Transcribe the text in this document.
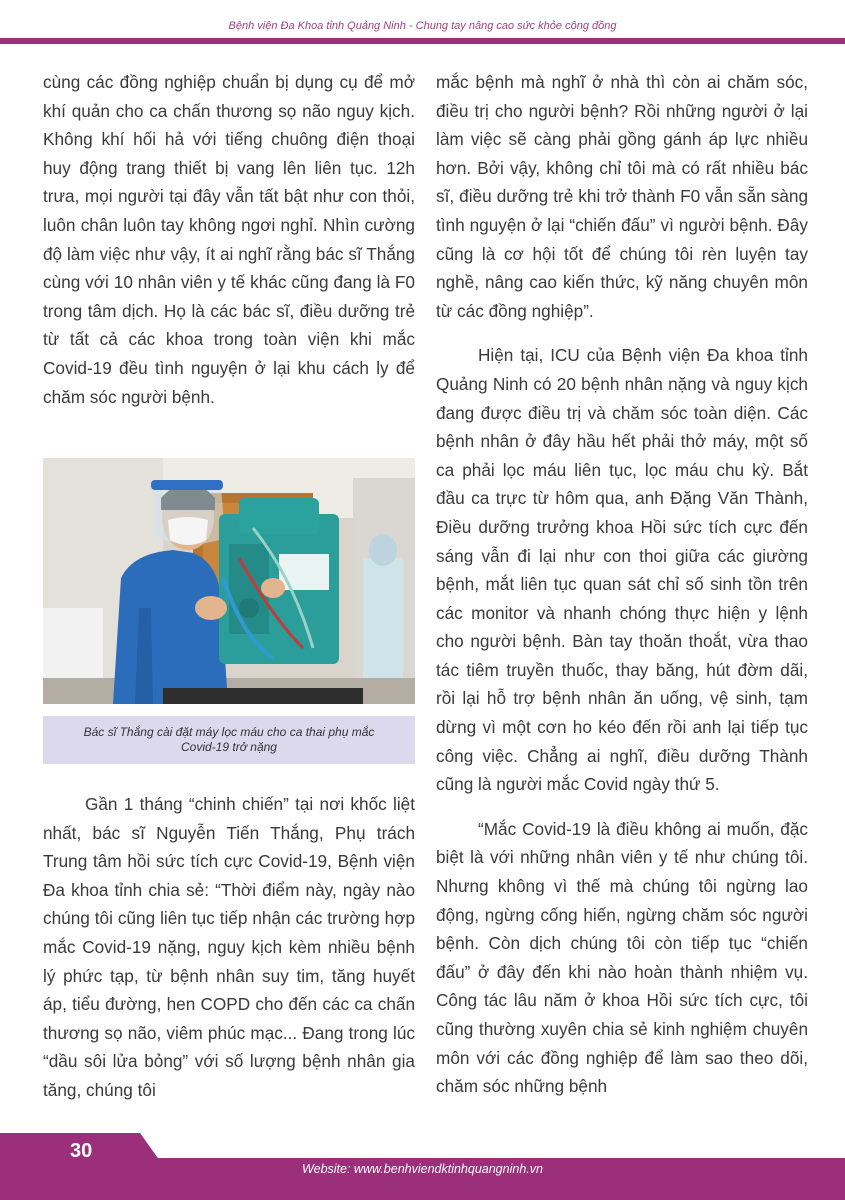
Bệnh viện Đa Khoa tỉnh Quảng Ninh - Chung tay nâng cao sức khỏe cộng đồng

cùng các đồng nghiệp chuẩn bị dụng cụ để mở khí quản cho ca chấn thương sọ não nguy kịch. Không khí hối hả với tiếng chuông điện thoại huy động trang thiết bị vang lên liên tục. 12h trưa, mọi người tại đây vẫn tất bật như con thỏi, luôn chân luôn tay không ngơi nghỉ. Nhìn cường độ làm việc như vậy, ít ai nghĩ rằng bác sĩ Thắng cùng với 10 nhân viên y tế khác cũng đang là F0 trong tâm dịch. Họ là các bác sĩ, điều dưỡng trẻ từ tất cả các khoa trong toàn viện khi mắc Covid-19 đều tình nguyện ở lại khu cách ly để chăm sóc người bệnh.

Bác sĩ Thắng cài đặt máy lọc máu cho ca thai phụ mắc Covid-19 trở nặng

Gần 1 tháng “chinh chiến” tại nơi khốc liệt nhất, bác sĩ Nguyễn Tiến Thắng, Phụ trách Trung tâm hồi sức tích cực Covid-19, Bệnh viện Đa khoa tỉnh chia sẻ: “Thời điểm này, ngày nào chúng tôi cũng liên tục tiếp nhận các trường hợp mắc Covid-19 nặng, nguy kịch kèm nhiều bệnh lý phức tạp, từ bệnh nhân suy tim, tăng huyết áp, tiểu đường, hen COPD cho đến các ca chấn thương sọ não, viêm phúc mạc... Đang trong lúc “dầu sôi lửa bỏng” với số lượng bệnh nhân gia tăng, chúng tôi

mắc bệnh mà nghĩ ở nhà thì còn ai chăm sóc, điều trị cho người bệnh? Rồi những người ở lại làm việc sẽ càng phải gồng gánh áp lực nhiều hơn. Bởi vậy, không chỉ tôi mà có rất nhiều bác sĩ, điều dưỡng trẻ khi trở thành F0 vẫn sẵn sàng tình nguyện ở lại “chiến đấu” vì người bệnh. Đây cũng là cơ hội tốt để chúng tôi rèn luyện tay nghề, nâng cao kiến thức, kỹ năng chuyên môn từ các đồng nghiệp”.

Hiện tại, ICU của Bệnh viện Đa khoa tỉnh Quảng Ninh có 20 bệnh nhân nặng và nguy kịch đang được điều trị và chăm sóc toàn diện. Các bệnh nhân ở đây hầu hết phải thở máy, một số ca phải lọc máu liên tục, lọc máu chu kỳ. Bắt đầu ca trực từ hôm qua, anh Đặng Văn Thành, Điều dưỡng trưởng khoa Hồi sức tích cực đến sáng vẫn đi lại như con thoi giữa các giường bệnh, mắt liên tục quan sát chỉ số sinh tồn trên các monitor và nhanh chóng thực hiện y lệnh cho người bệnh. Bàn tay thoăn thoắt, vừa thao tác tiêm truyền thuốc, thay băng, hút đờm dãi, rồi lại hỗ trợ bệnh nhân ăn uống, vệ sinh, tạm dừng vì một cơn ho kéo đến rồi anh lại tiếp tục công việc. Chẳng ai nghĩ, điều dưỡng Thành cũng là người mắc Covid ngày thứ 5.

“Mắc Covid-19 là điều không ai muốn, đặc biệt là với những nhân viên y tế như chúng tôi. Nhưng không vì thế mà chúng tôi ngừng lao động, ngừng cống hiến, ngừng chăm sóc người bệnh. Còn dịch chúng tôi còn tiếp tục “chiến đấu” ở đây đến khi nào hoàn thành nhiệm vụ. Công tác lâu năm ở khoa Hồi sức tích cực, tôi cũng thường xuyên chia sẻ kinh nghiệm chuyên môn với các đồng nghiệp để làm sao theo dõi, chăm sóc những bệnh

Website: www.benhviendktinhquangninh.vn
30
